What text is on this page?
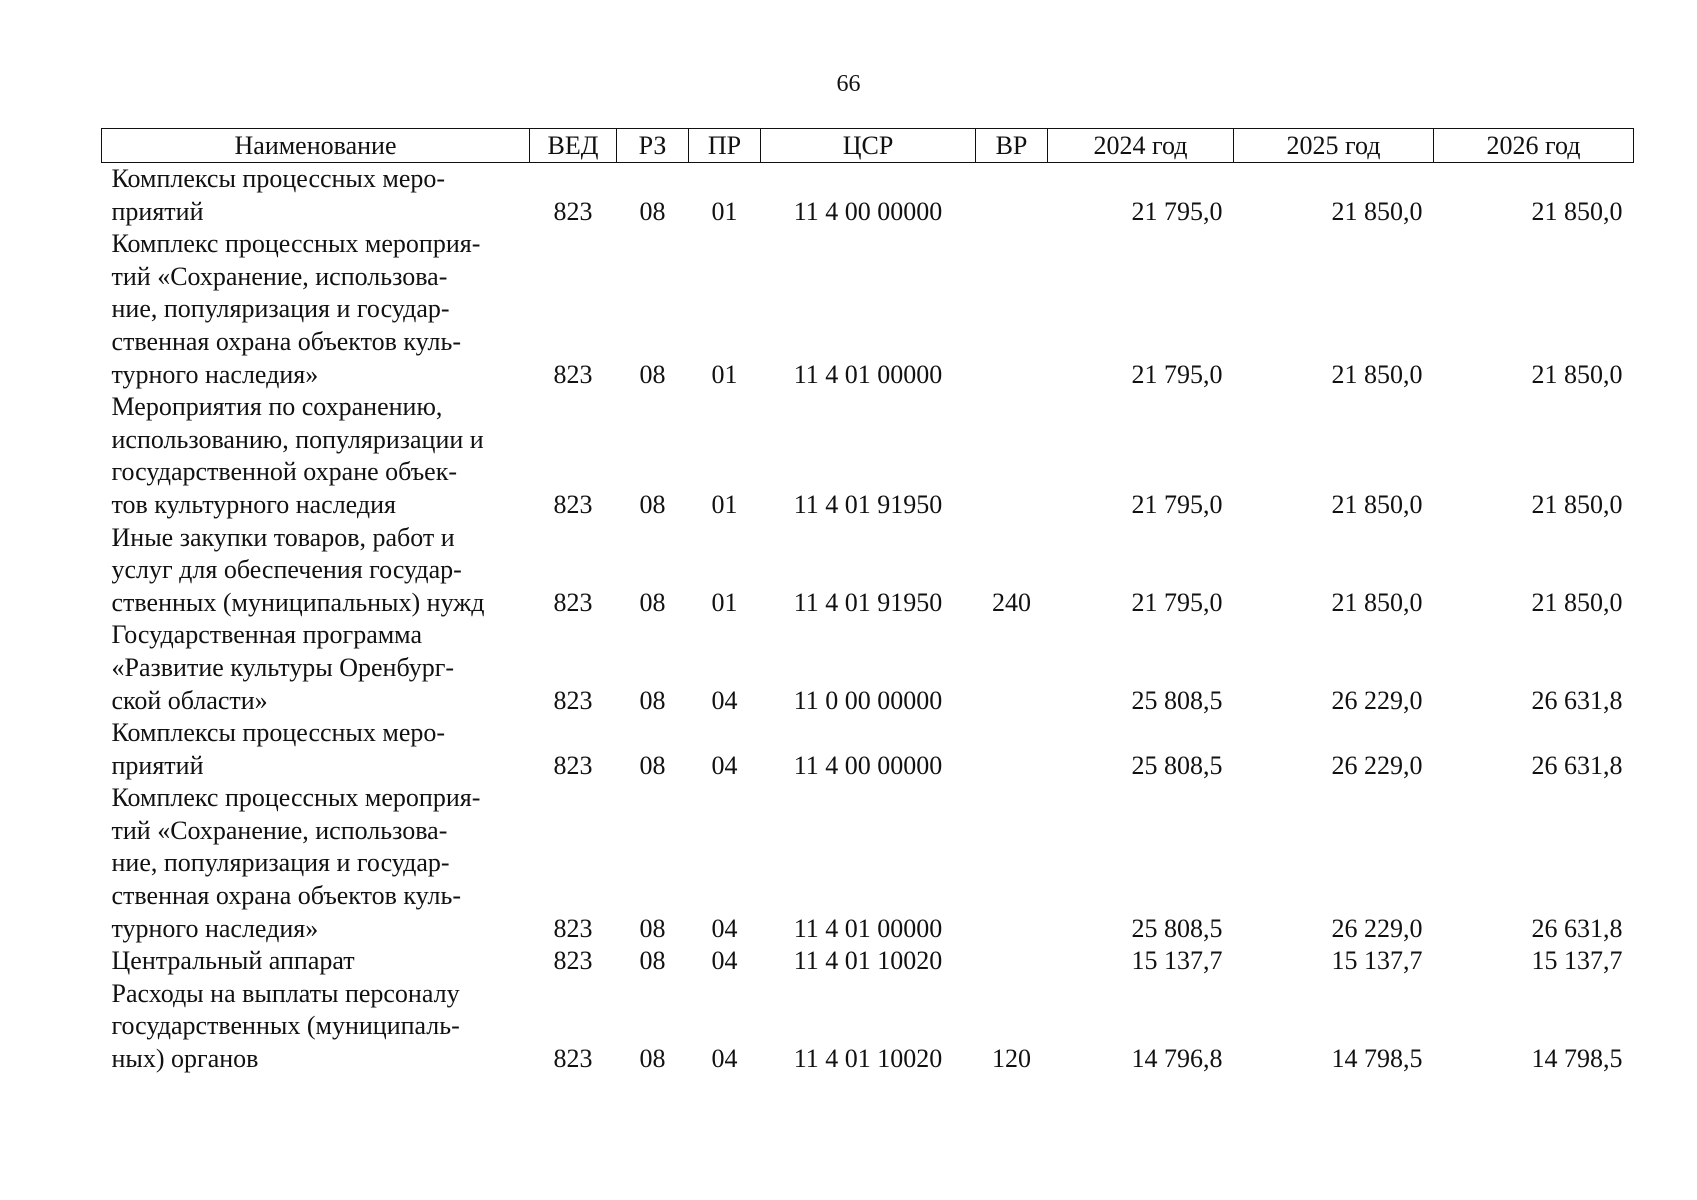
66
Наименование	ВЕД	РЗ	ПР	ЦСР	ВР	2024 год	2025 год	2026 год

Комплексы процессных меро-
приятий	823	08	01	11 4 00 00000		21 795,0	21 850,0	21 850,0

Комплекс процессных мероприя-
тий «Сохранение, использова-
ние, популяризация и государ-
ственная охрана объектов куль-
турного наследия»	823	08	01	11 4 01 00000		21 795,0	21 850,0	21 850,0

Мероприятия по сохранению,
использованию, популяризации и
государственной охране объек-
тов культурного наследия	823	08	01	11 4 01 91950		21 795,0	21 850,0	21 850,0

Иные закупки товаров, работ и
услуг для обеспечения государ-
ственных (муниципальных) нужд	823	08	01	11 4 01 91950	240	21 795,0	21 850,0	21 850,0

Государственная программа
«Развитие культуры Оренбург-
ской области»	823	08	04	11 0 00 00000		25 808,5	26 229,0	26 631,8

Комплексы процессных меро-
приятий	823	08	04	11 4 00 00000		25 808,5	26 229,0	26 631,8

Комплекс процессных мероприя-
тий «Сохранение, использова-
ние, популяризация и государ-
ственная охрана объектов куль-
турного наследия»	823	08	04	11 4 01 00000		25 808,5	26 229,0	26 631,8

Центральный аппарат	823	08	04	11 4 01 10020		15 137,7	15 137,7	15 137,7

Расходы на выплаты персоналу
государственных (муниципаль-
ных) органов	823	08	04	11 4 01 10020	120	14 796,8	14 798,5	14 798,5
